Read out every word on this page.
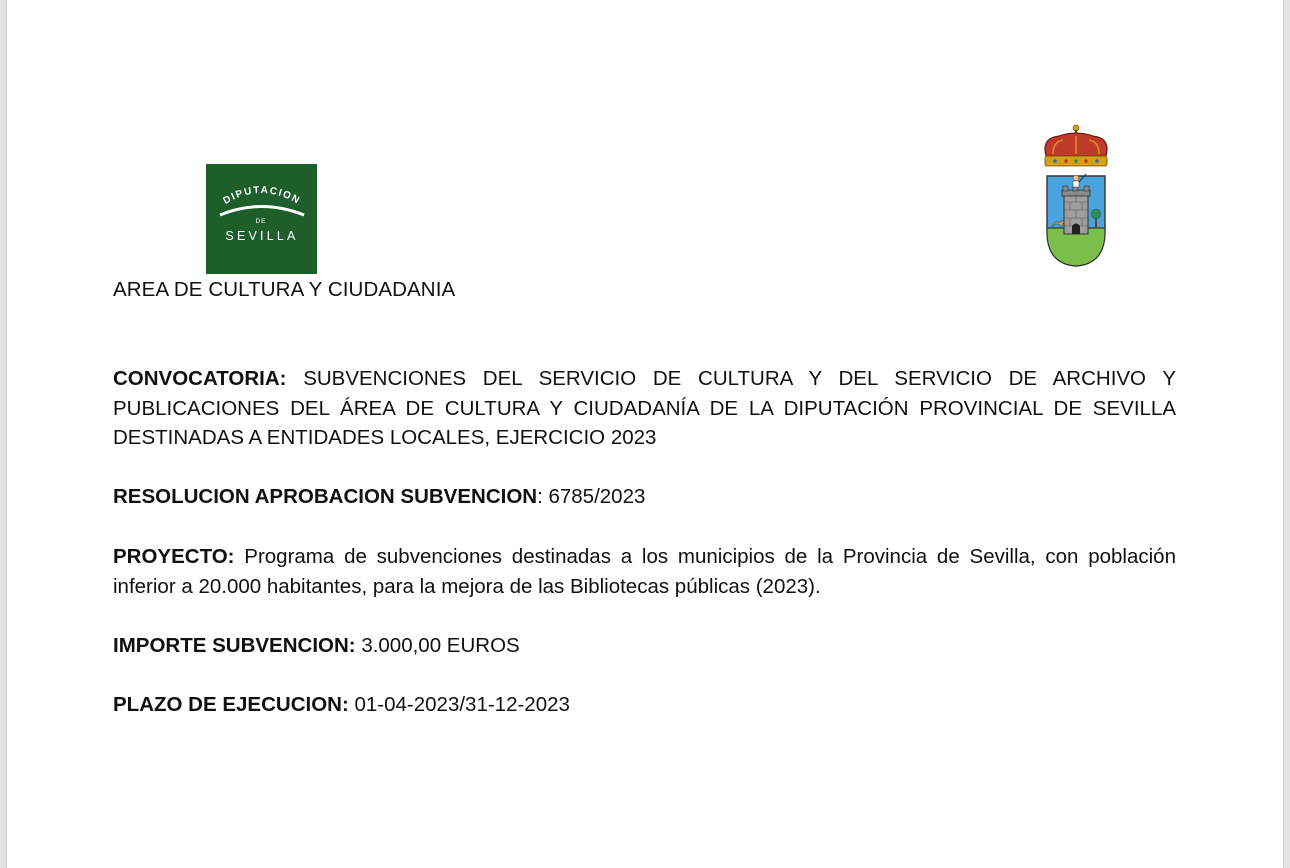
DIPUTACION
DE
SEVILLA
AREA DE CULTURA Y CIUDADANIA
CONVOCATORIA: SUBVENCIONES DEL SERVICIO DE CULTURA Y DEL SERVICIO DE ARCHIVO Y PUBLICACIONES DEL ÁREA DE CULTURA Y CIUDADANÍA DE LA DIPUTACIÓN PROVINCIAL DE SEVILLA DESTINADAS A ENTIDADES LOCALES, EJERCICIO 2023
RESOLUCION APROBACION SUBVENCION: 6785/2023
PROYECTO: Programa de subvenciones destinadas a los municipios de la Provincia de Sevilla, con población inferior a 20.000 habitantes, para la mejora de las Bibliotecas públicas (2023).
IMPORTE SUBVENCION: 3.000,00 EUROS
PLAZO DE EJECUCION: 01-04-2023/31-12-2023
